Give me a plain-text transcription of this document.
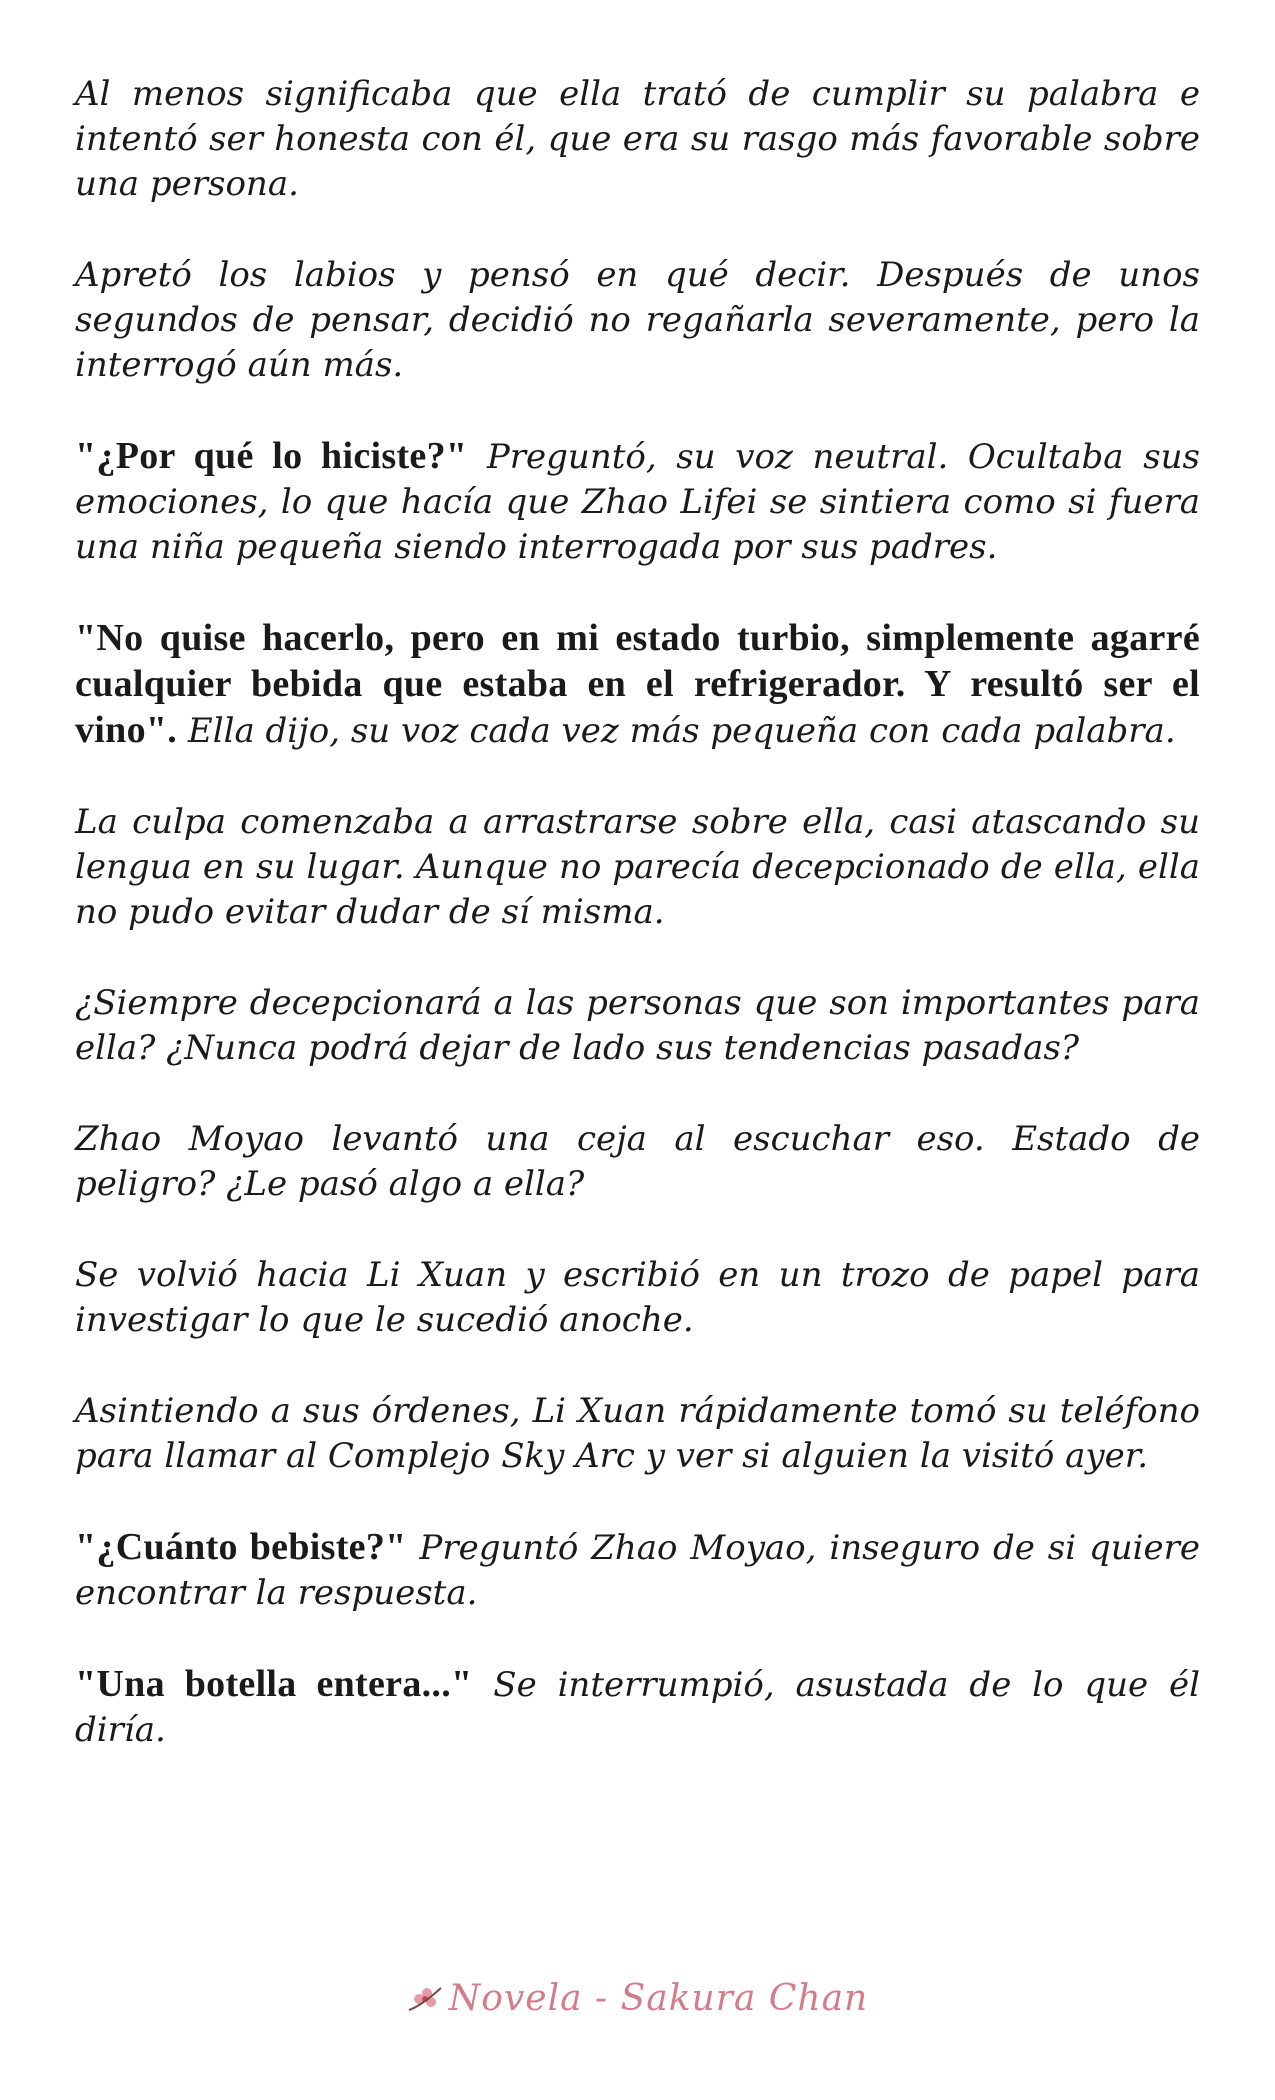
Al menos significaba que ella trató de cumplir su palabra e intentó ser honesta con él, que era su rasgo más favorable sobre una persona.

Apretó los labios y pensó en qué decir. Después de unos segundos de pensar, decidió no regañarla severamente, pero la interrogó aún más.

"¿Por qué lo hiciste?" Preguntó, su voz neutral. Ocultaba sus emociones, lo que hacía que Zhao Lifei se sintiera como si fuera una niña pequeña siendo interrogada por sus padres.

"No quise hacerlo, pero en mi estado turbio, simplemente agarré cualquier bebida que estaba en el refrigerador. Y resultó ser el vino". Ella dijo, su voz cada vez más pequeña con cada palabra.

La culpa comenzaba a arrastrarse sobre ella, casi atascando su lengua en su lugar. Aunque no parecía decepcionado de ella, ella no pudo evitar dudar de sí misma.

¿Siempre decepcionará a las personas que son importantes para ella? ¿Nunca podrá dejar de lado sus tendencias pasadas?

Zhao Moyao levantó una ceja al escuchar eso. Estado de peligro? ¿Le pasó algo a ella?

Se volvió hacia Li Xuan y escribió en un trozo de papel para investigar lo que le sucedió anoche.

Asintiendo a sus órdenes, Li Xuan rápidamente tomó su teléfono para llamar al Complejo Sky Arc y ver si alguien la visitó ayer.

"¿Cuánto bebiste?" Preguntó Zhao Moyao, inseguro de si quiere encontrar la respuesta.

"Una botella entera..." Se interrumpió, asustada de lo que él diría.

Novela - Sakura Chan
